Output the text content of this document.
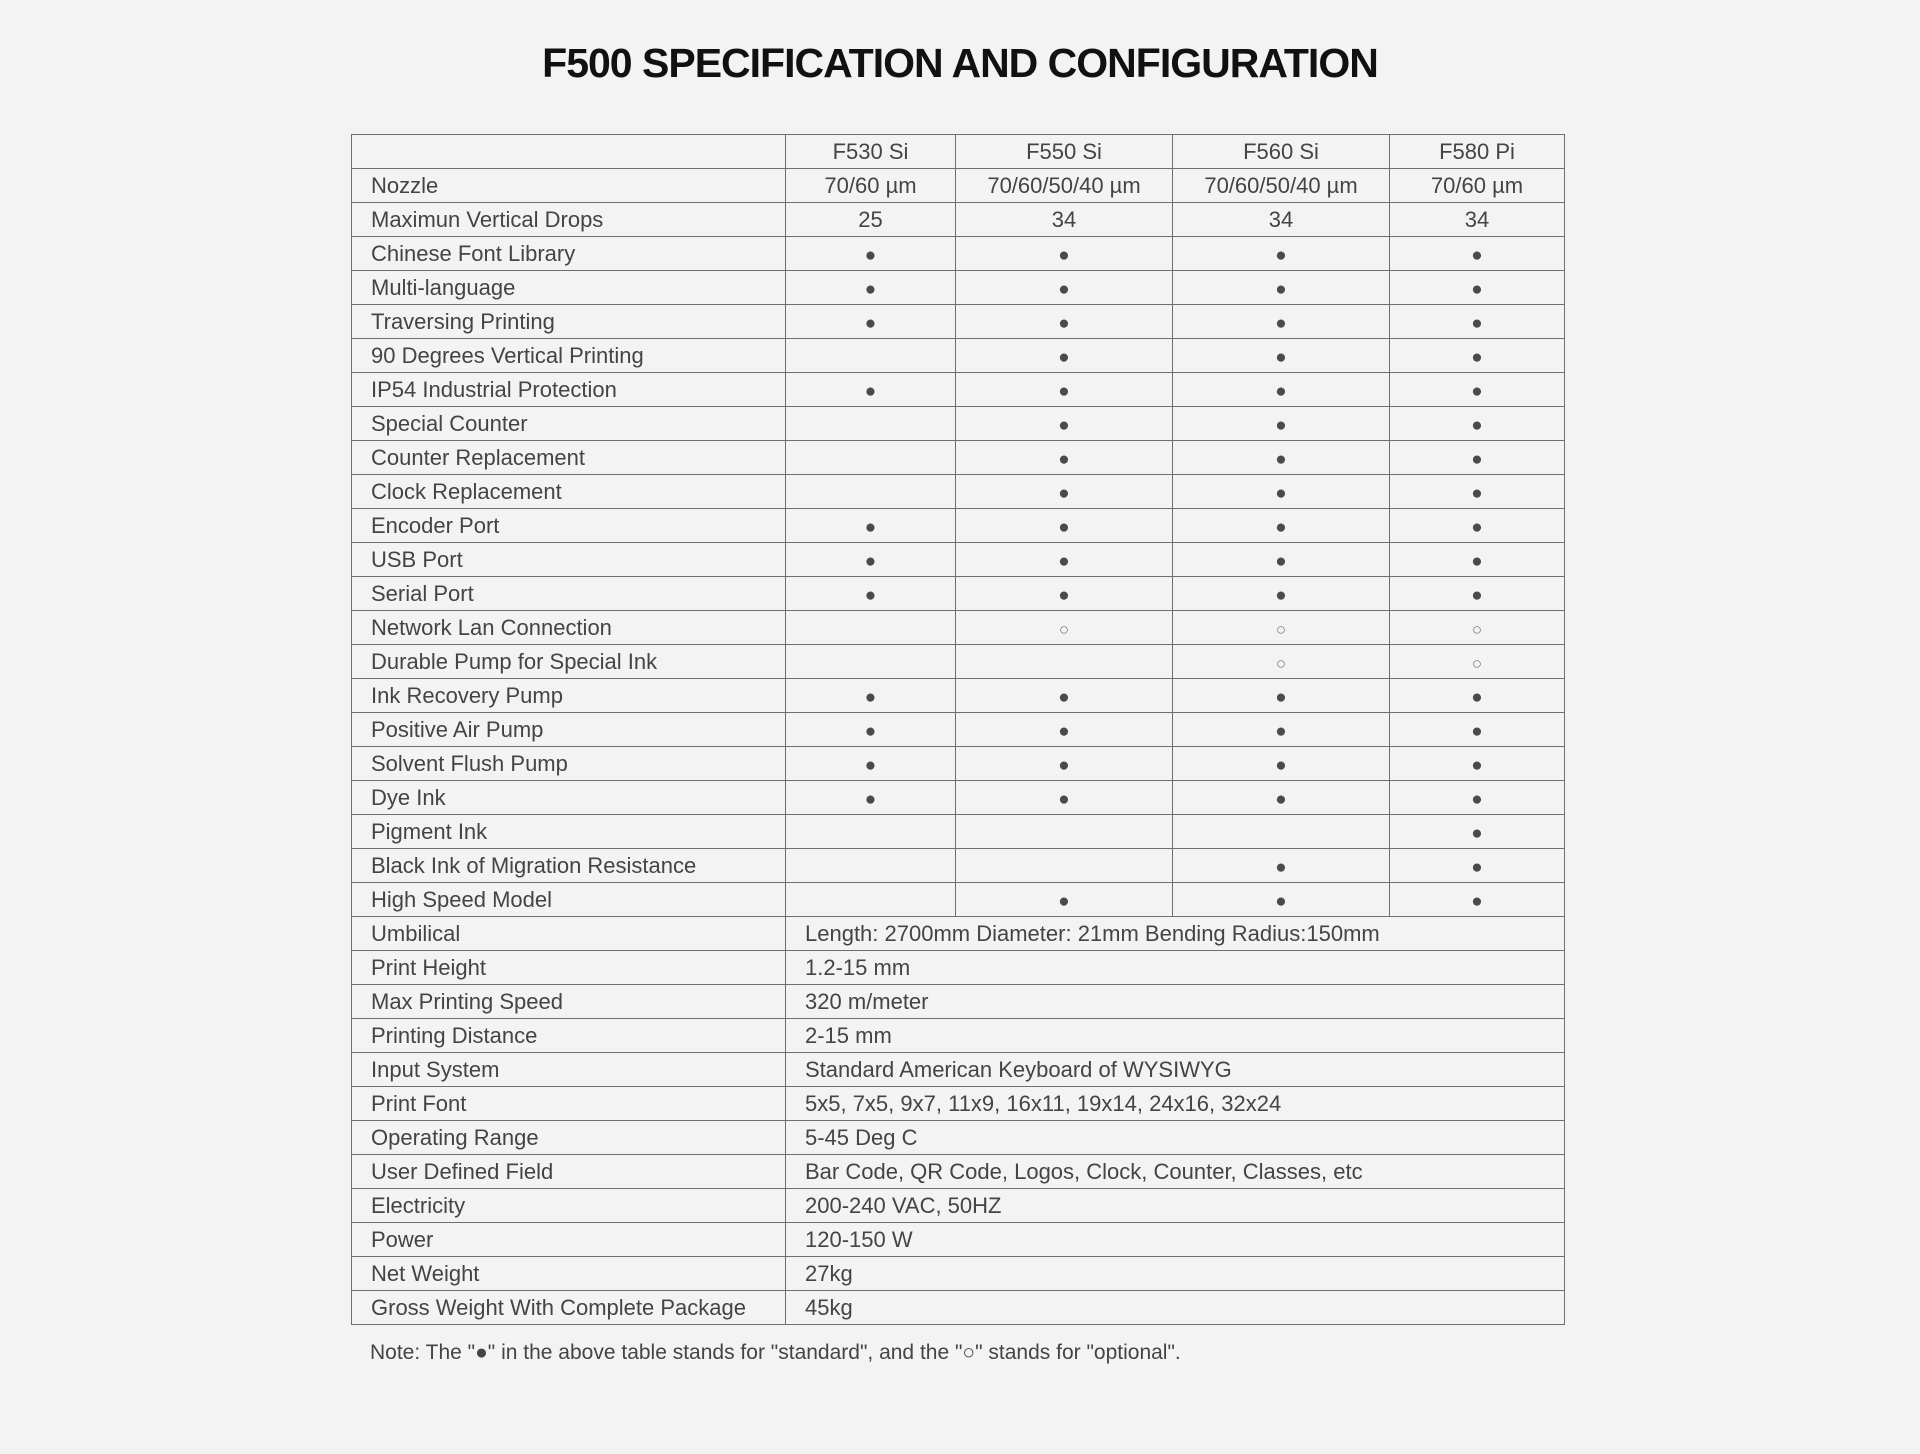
F500 SPECIFICATION AND CONFIGURATION
	F530 Si	F550 Si	F560 Si	F580 Pi
Nozzle	70/60 µm	70/60/50/40 µm	70/60/50/40 µm	70/60 µm
Maximun Vertical Drops	25	34	34	34
Chinese Font Library	●	●	●	●
Multi-language	●	●	●	●
Traversing Printing	●	●	●	●
90 Degrees Vertical Printing		●	●	●
IP54 Industrial Protection	●	●	●	●
Special Counter		●	●	●
Counter Replacement		●	●	●
Clock Replacement		●	●	●
Encoder Port	●	●	●	●
USB Port	●	●	●	●
Serial Port	●	●	●	●
Network Lan Connection		○	○	○
Durable Pump for Special Ink			○	○
Ink Recovery Pump	●	●	●	●
Positive Air Pump	●	●	●	●
Solvent Flush Pump	●	●	●	●
Dye Ink	●	●	●	●
Pigment Ink				●
Black Ink of Migration Resistance			●	●
High Speed Model		●	●	●
Umbilical	Length: 2700mm Diameter: 21mm Bending Radius:150mm			
Print Height	1.2-15 mm			
Max Printing Speed	320 m/meter			
Printing Distance	2-15 mm			
Input System	Standard American Keyboard of WYSIWYG			
Print Font	5x5, 7x5, 9x7, 11x9, 16x11, 19x14, 24x16, 32x24			
Operating Range	5-45 Deg C			
User Defined Field	Bar Code, QR Code, Logos, Clock, Counter, Classes, etc			
Electricity	200-240 VAC, 50HZ			
Power	120-150 W			
Net Weight	27kg			
Gross Weight With Complete Package	45kg			

Note: The "●" in the above table stands for "standard", and the "○" stands for "optional".
